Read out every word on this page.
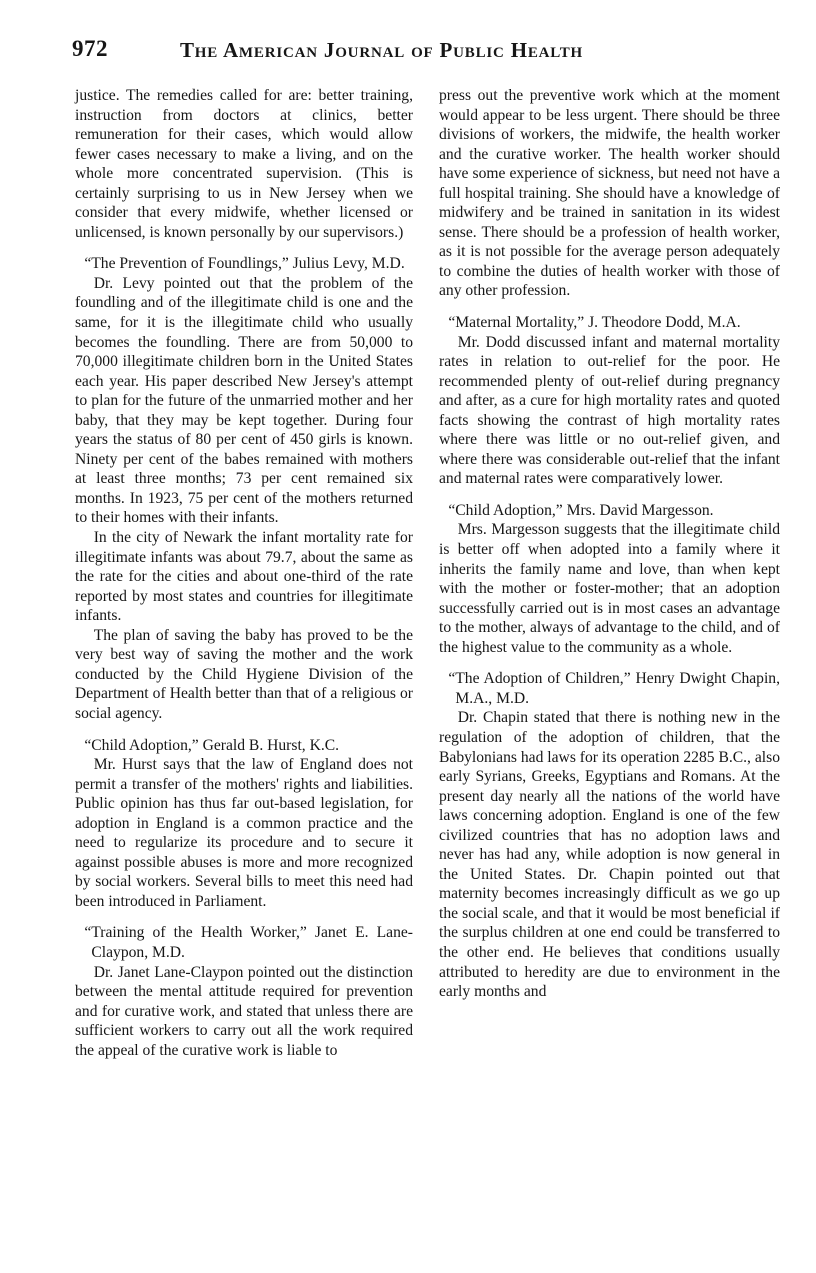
972	The American Journal of Public Health

justice. The remedies called for are: better training, instruction from doctors at clinics, better remuneration for their cases, which would allow fewer cases necessary to make a living, and on the whole more concentrated supervision. (This is certainly surprising to us in New Jersey when we consider that every midwife, whether licensed or unlicensed, is known personally by our supervisors.)

“The Prevention of Foundlings,” Julius Levy, M.D.

Dr. Levy pointed out that the problem of the foundling and of the illegitimate child is one and the same, for it is the illegitimate child who usually becomes the foundling. There are from 50,000 to 70,000 illegitimate children born in the United States each year. His paper described New Jersey's attempt to plan for the future of the unmarried mother and her baby, that they may be kept together. During four years the status of 80 per cent of 450 girls is known. Ninety per cent of the babes remained with mothers at least three months; 73 per cent remained six months. In 1923, 75 per cent of the mothers returned to their homes with their infants.

In the city of Newark the infant mortality rate for illegitimate infants was about 79.7, about the same as the rate for the cities and about one-third of the rate reported by most states and countries for illegitimate infants.

The plan of saving the baby has proved to be the very best way of saving the mother and the work conducted by the Child Hygiene Division of the Department of Health better than that of a religious or social agency.

“Child Adoption,” Gerald B. Hurst, K.C.

Mr. Hurst says that the law of England does not permit a transfer of the mothers' rights and liabilities. Public opinion has thus far out-based legislation, for adoption in England is a common practice and the need to regularize its procedure and to secure it against possible abuses is more and more recognized by social workers. Several bills to meet this need had been introduced in Parliament.

“Training of the Health Worker,” Janet E. Lane-Claypon, M.D.

Dr. Janet Lane-Claypon pointed out the distinction between the mental attitude required for prevention and for curative work, and stated that unless there are sufficient workers to carry out all the work required the appeal of the curative work is liable to

press out the preventive work which at the moment would appear to be less urgent. There should be three divisions of workers, the midwife, the health worker and the curative worker. The health worker should have some experience of sickness, but need not have a full hospital training. She should have a knowledge of midwifery and be trained in sanitation in its widest sense. There should be a profession of health worker, as it is not possible for the average person adequately to combine the duties of health worker with those of any other profession.

“Maternal Mortality,” J. Theodore Dodd, M.A.

Mr. Dodd discussed infant and maternal mortality rates in relation to out-relief for the poor. He recommended plenty of out-relief during pregnancy and after, as a cure for high mortality rates and quoted facts showing the contrast of high mortality rates where there was little or no out-relief given, and where there was considerable out-relief that the infant and maternal rates were comparatively lower.

“Child Adoption,” Mrs. David Margesson.

Mrs. Margesson suggests that the illegitimate child is better off when adopted into a family where it inherits the family name and love, than when kept with the mother or foster-mother; that an adoption successfully carried out is in most cases an advantage to the mother, always of advantage to the child, and of the highest value to the community as a whole.

“The Adoption of Children,” Henry Dwight Chapin, M.A., M.D.

Dr. Chapin stated that there is nothing new in the regulation of the adoption of children, that the Babylonians had laws for its operation 2285 B.C., also early Syrians, Greeks, Egyptians and Romans. At the present day nearly all the nations of the world have laws concerning adoption. England is one of the few civilized countries that has no adoption laws and never has had any, while adoption is now general in the United States. Dr. Chapin pointed out that maternity becomes increasingly difficult as we go up the social scale, and that it would be most beneficial if the surplus children at one end could be transferred to the other end. He believes that conditions usually attributed to heredity are due to environment in the early months and
